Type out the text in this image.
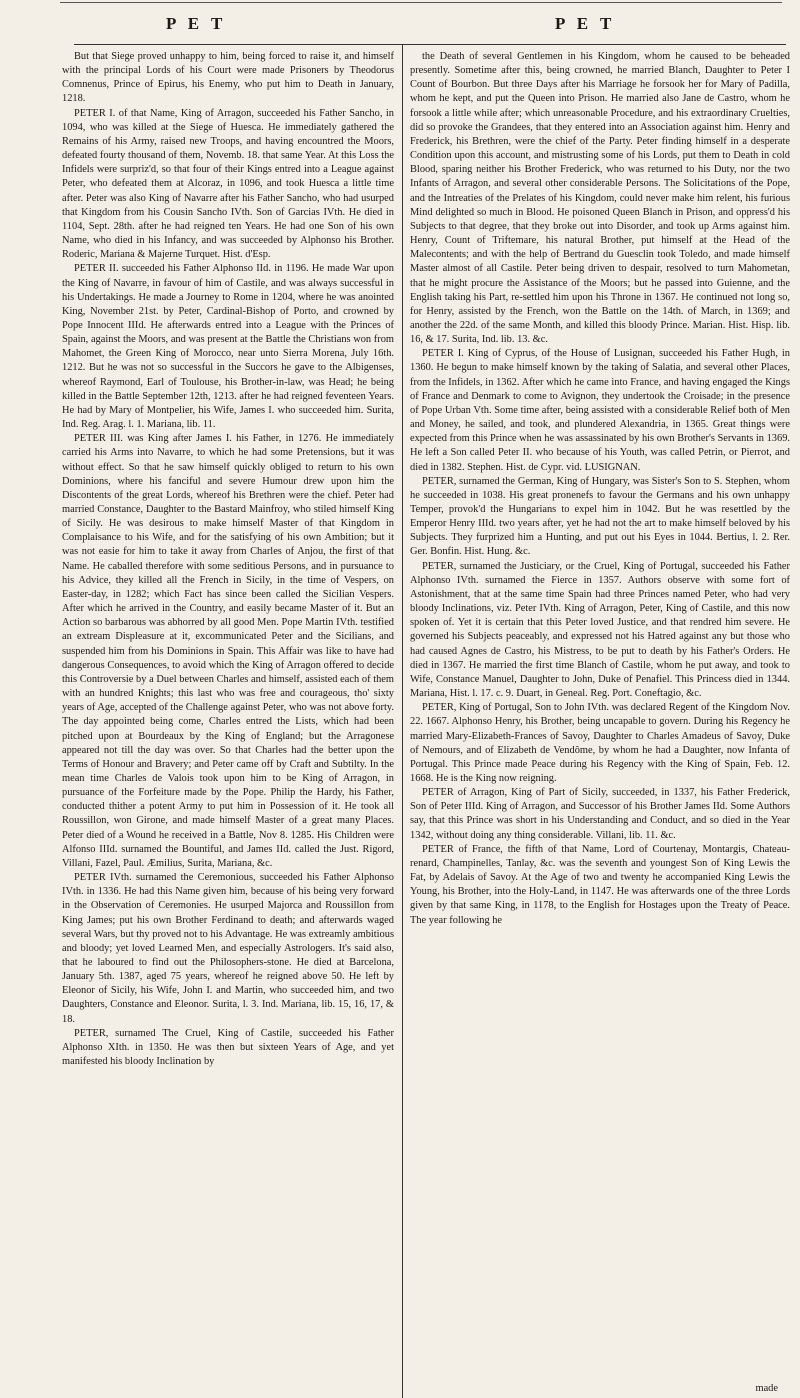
P E T	P E T

But that Siege proved unhappy to him, being forced to raise it, and himself with the principal Lords of his Court were made Prisoners by Theodorus Comnenus, Prince of Epirus, his Enemy, who put him to Death in January, 1218.

PETER I. of that Name, King of Arragon, succeeded his Father Sancho, in 1094, who was killed at the Siege of Huesca. He immediately gathered the Remains of his Army, raised new Troops, and having encountred the Moors, defeated fourty thousand of them, Novemb. 18. that same Year. At this Loss the Infidels were surpriz'd, so that four of their Kings entred into a League against Peter, who defeated them at Alcoraz, in 1096, and took Huesca a little time after. Peter was also King of Navarre after his Father Sancho, who had usurped that Kingdom from his Cousin Sancho IVth. Son of Garcias IVth. He died in 1104, Sept. 28th. after he had reigned ten Years. He had one Son of his own Name, who died in his Infancy, and was succeeded by Alphonso his Brother. Roderic, Mariana & Majerne Turquet. Hist. d'Esp.

PETER II. succeeded his Father Alphonso IId. in 1196. He made War upon the King of Navarre, in favour of him of Castile, and was always successful in his Undertakings. He made a Journey to Rome in 1204, where he was anointed King, November 21st. by Peter, Cardinal-Bishop of Porto, and crowned by Pope Innocent IIId. He afterwards entred into a League with the Princes of Spain, against the Moors, and was present at the Battle the Christians won from Mahomet, the Green King of Morocco, near unto Sierra Morena, July 16th. 1212. But he was not so successful in the Succors he gave to the Albigenses, whereof Raymond, Earl of Toulouse, his Brother-in-law, was Head; he being killed in the Battle September 12th, 1213. after he had reigned feventeen Years. He had by Mary of Montpelier, his Wife, James I. who succeeded him. Surita, Ind. Reg. Arag. l. 1. Mariana, lib. 11.

PETER III. was King after James I. his Father, in 1276. He immediately carried his Arms into Navarre, to which he had some Pretensions, but it was without effect. So that he saw himself quickly obliged to return to his own Dominions, where his fanciful and severe Humour drew upon him the Discontents of the great Lords, whereof his Brethren were the chief. Peter had married Constance, Daughter to the Bastard Mainfroy, who stiled himself King of Sicily. He was desirous to make himself Master of that Kingdom in Complaisance to his Wife, and for the satisfying of his own Ambition; but it was not easie for him to take it away from Charles of Anjou, the first of that Name. He caballed therefore with some seditious Persons, and in pursuance to his Advice, they killed all the French in Sicily, in the time of Vespers, on Easter-day, in 1282; which Fact has since been called the Sicilian Vespers. After which he arrived in the Country, and easily became Master of it. But an Action so barbarous was abhorred by all good Men. Pope Martin IVth. testified an extream Displeasure at it, excommunicated Peter and the Sicilians, and suspended him from his Dominions in Spain. This Affair was like to have had dangerous Consequences, to avoid which the King of Arragon offered to decide this Controversie by a Duel between Charles and himself, assisted each of them with an hundred Knights; this last who was free and courageous, tho' sixty years of Age, accepted of the Challenge against Peter, who was not above forty. The day appointed being come, Charles entred the Lists, which had been pitched upon at Bourdeaux by the King of England; but the Arragonese appeared not till the day was over. So that Charles had the better upon the Terms of Honour and Bravery; and Peter came off by Craft and Subtilty. In the mean time Charles de Valois took upon him to be King of Arragon, in pursuance of the Forfeiture made by the Pope. Philip the Hardy, his Father, conducted thither a potent Army to put him in Possession of it. He took all Roussillon, won Girone, and made himself Master of a great many Places. Peter died of a Wound he received in a Battle, Nov 8. 1285. His Children were Alfonso IIId. surnamed the Bountiful, and James IId. called the Just. Rigord, Villani, Fazel, Paul. Æmilius, Surita, Mariana, &c.

PETER IVth. surnamed the Ceremonious, succeeded his Father Alphonso IVth. in 1336. He had this Name given him, because of his being very forward in the Observation of Ceremonies. He usurped Majorca and Roussillon from King James; put his own Brother Ferdinand to death; and afterwards waged several Wars, but thy proved not to his Advantage. He was extreamly ambitious and bloody; yet loved Learned Men, and especially Astrologers. It's said also, that he laboured to find out the Philosophers-stone. He died at Barcelona, January 5th. 1387, aged 75 years, whereof he reigned above 50. He left by Eleonor of Sicily, his Wife, John I. and Martin, who succeeded him, and two Daughters, Constance and Eleonor. Surita, l. 3. Ind. Mariana, lib. 15, 16, 17, & 18.

PETER, surnamed The Cruel, King of Castile, succeeded his Father Alphonso XIth. in 1350. He was then but sixteen Years of Age, and yet manifested his bloody Inclination by

the Death of several Gentlemen in his Kingdom, whom he caused to be beheaded presently. Sometime after this, being crowned, he married Blanch, Daughter to Peter I Count of Bourbon. But three Days after his Marriage he forsook her for Mary of Padilla, whom he kept, and put the Queen into Prison. He married also Jane de Castro, whom he forsook a little while after; which unreasonable Procedure, and his extraordinary Cruelties, did so provoke the Grandees, that they entered into an Association against him. Henry and Frederick, his Brethren, were the chief of the Party. Peter finding himself in a desperate Condition upon this account, and mistrusting some of his Lords, put them to Death in cold Blood, sparing neither his Brother Frederick, who was returned to his Duty, nor the two Infants of Arragon, and several other considerable Persons. The Solicitations of the Pope, and the Intreaties of the Prelates of his Kingdom, could never make him relent, his furious Mind delighted so much in Blood. He poisoned Queen Blanch in Prison, and oppress'd his Subjects to that degree, that they broke out into Disorder, and took up Arms against him. Henry, Count of Triftemare, his natural Brother, put himself at the Head of the Malecontents; and with the help of Bertrand du Guesclin took Toledo, and made himself Master almost of all Castile. Peter being driven to despair, resolved to turn Mahometan, that he might procure the Assistance of the Moors; but he passed into Guienne, and the English taking his Part, re-settled him upon his Throne in 1367. He continued not long so, for Henry, assisted by the French, won the Battle on the 14th. of March, in 1369; and another the 22d. of the same Month, and killed this bloody Prince. Marian. Hist. Hisp. lib. 16, & 17. Surita, Ind. lib. 13. &c.

PETER I. King of Cyprus, of the House of Lusignan, succeeded his Father Hugh, in 1360. He begun to make himself known by the taking of Salatia, and several other Places, from the Infidels, in 1362. After which he came into France, and having engaged the Kings of France and Denmark to come to Avignon, they undertook the Croisade; in the presence of Pope Urban Vth. Some time after, being assisted with a considerable Relief both of Men and Money, he sailed, and took, and plundered Alexandria, in 1365. Great things were expected from this Prince when he was assassinated by his own Brother's Servants in 1369. He left a Son called Peter II. who because of his Youth, was called Petrin, or Pierrot, and died in 1382. Stephen. Hist. de Cypr. vid. LUSIGNAN.

PETER, surnamed the German, King of Hungary, was Sister's Son to S. Stephen, whom he succeeded in 1038. His great pronenefs to favour the Germans and his own unhappy Temper, provok'd the Hungarians to expel him in 1042. But he was resettled by the Emperor Henry IIId. two years after, yet he had not the art to make himself beloved by his Subjects. They furprized him a Hunting, and put out his Eyes in 1044. Bertius, l. 2. Rer. Ger. Bonfin. Hist. Hung. &c.

PETER, surnamed the Justiciary, or the Cruel, King of Portugal, succeeded his Father Alphonso IVth. surnamed the Fierce in 1357. Authors observe with some fort of Astonishment, that at the same time Spain had three Princes named Peter, who had very bloody Inclinations, viz. Peter IVth. King of Arragon, Peter, King of Castile, and this now spoken of. Yet it is certain that this Peter loved Justice, and that rendred him severe. He governed his Subjects peaceably, and expressed not his Hatred against any but those who had caused Agnes de Castro, his Mistress, to be put to death by his Father's Orders. He died in 1367. He married the first time Blanch of Castile, whom he put away, and took to Wife, Constance Manuel, Daughter to John, Duke of Penafiel. This Princess died in 1344. Mariana, Hist. l. 17. c. 9. Duart, in Geneal. Reg. Port. Coneftagio, &c.

PETER, King of Portugal, Son to John IVth. was declared Regent of the Kingdom Nov. 22. 1667. Alphonso Henry, his Brother, being uncapable to govern. During his Regency he married Mary-Elizabeth-Frances of Savoy, Daughter to Charles Amadeus of Savoy, Duke of Nemours, and of Elizabeth de Vendôme, by whom he had a Daughter, now Infanta of Portugal. This Prince made Peace during his Regency with the King of Spain, Feb. 12. 1668. He is the King now reigning.

PETER of Arragon, King of Part of Sicily, succeeded, in 1337, his Father Frederick, Son of Peter IIId. King of Arragon, and Successor of his Brother James IId. Some Authors say, that this Prince was short in his Understanding and Conduct, and so died in the Year 1342, without doing any thing considerable. Villani, lib. 11. &c.

PETER of France, the fifth of that Name, Lord of Courtenay, Montargis, Chateau-renard, Champinelles, Tanlay, &c. was the seventh and youngest Son of King Lewis the Fat, by Adelais of Savoy. At the Age of two and twenty he accompanied King Lewis the Young, his Brother, into the Holy-Land, in 1147. He was afterwards one of the three Lords given by that same King, in 1178, to the English for Hostages upon the Treaty of Peace. The year following he

made
